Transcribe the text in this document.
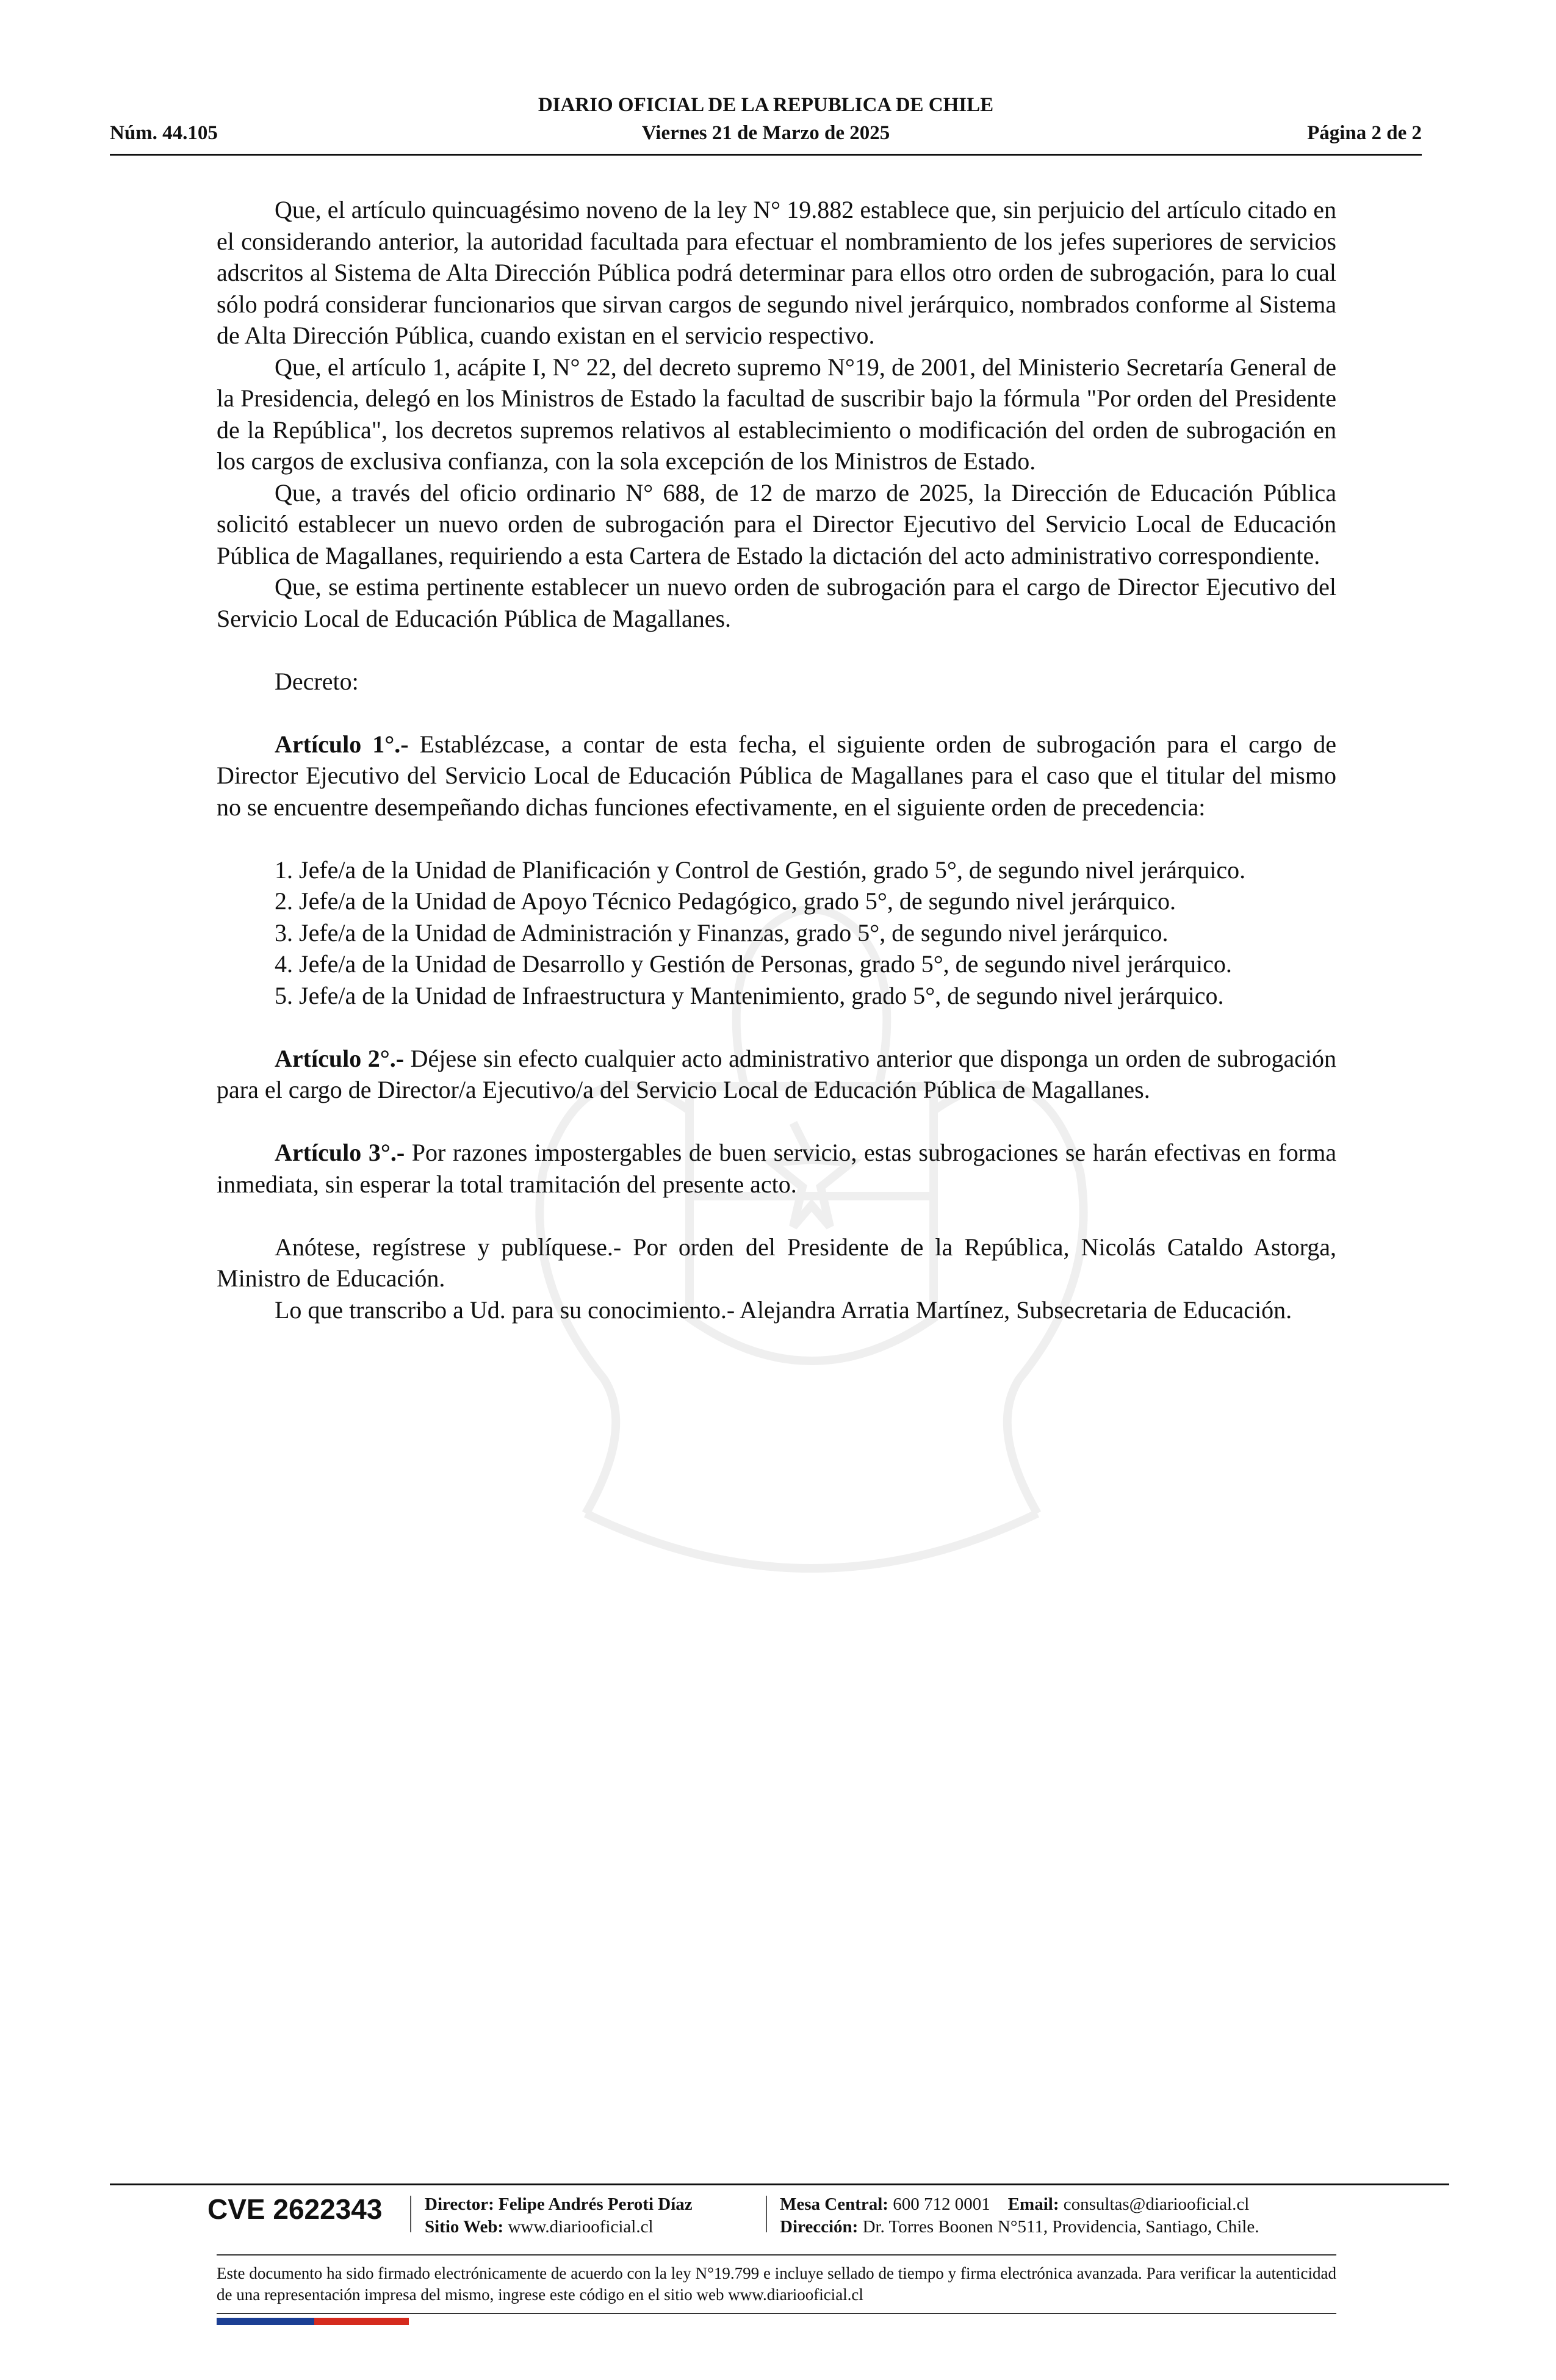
DIARIO OFICIAL DE LA REPUBLICA DE CHILE
Núm. 44.105	Viernes 21 de Marzo de 2025	Página 2 de 2

Que, el artículo quincuagésimo noveno de la ley N° 19.882 establece que, sin perjuicio del artículo citado en el considerando anterior, la autoridad facultada para efectuar el nombramiento de los jefes superiores de servicios adscritos al Sistema de Alta Dirección Pública podrá determinar para ellos otro orden de subrogación, para lo cual sólo podrá considerar funcionarios que sirvan cargos de segundo nivel jerárquico, nombrados conforme al Sistema de Alta Dirección Pública, cuando existan en el servicio respectivo.

Que, el artículo 1, acápite I, N° 22, del decreto supremo N°19, de 2001, del Ministerio Secretaría General de la Presidencia, delegó en los Ministros de Estado la facultad de suscribir bajo la fórmula "Por orden del Presidente de la República", los decretos supremos relativos al establecimiento o modificación del orden de subrogación en los cargos de exclusiva confianza, con la sola excepción de los Ministros de Estado.

Que, a través del oficio ordinario N° 688, de 12 de marzo de 2025, la Dirección de Educación Pública solicitó establecer un nuevo orden de subrogación para el Director Ejecutivo del Servicio Local de Educación Pública de Magallanes, requiriendo a esta Cartera de Estado la dictación del acto administrativo correspondiente.

Que, se estima pertinente establecer un nuevo orden de subrogación para el cargo de Director Ejecutivo del Servicio Local de Educación Pública de Magallanes.

Decreto:

Artículo 1°.- Establézcase, a contar de esta fecha, el siguiente orden de subrogación para el cargo de Director Ejecutivo del Servicio Local de Educación Pública de Magallanes para el caso que el titular del mismo no se encuentre desempeñando dichas funciones efectivamente, en el siguiente orden de precedencia:

1. Jefe/a de la Unidad de Planificación y Control de Gestión, grado 5°, de segundo nivel jerárquico.

2. Jefe/a de la Unidad de Apoyo Técnico Pedagógico, grado 5°, de segundo nivel jerárquico.

3. Jefe/a de la Unidad de Administración y Finanzas, grado 5°, de segundo nivel jerárquico.

4. Jefe/a de la Unidad de Desarrollo y Gestión de Personas, grado 5°, de segundo nivel jerárquico.

5. Jefe/a de la Unidad de Infraestructura y Mantenimiento, grado 5°, de segundo nivel jerárquico.

Artículo 2°.- Déjese sin efecto cualquier acto administrativo anterior que disponga un orden de subrogación para el cargo de Director/a Ejecutivo/a del Servicio Local de Educación Pública de Magallanes.

Artículo 3°.- Por razones impostergables de buen servicio, estas subrogaciones se harán efectivas en forma inmediata, sin esperar la total tramitación del presente acto.

Anótese, regístrese y publíquese.- Por orden del Presidente de la República, Nicolás Cataldo Astorga, Ministro de Educación.

Lo que transcribo a Ud. para su conocimiento.- Alejandra Arratia Martínez, Subsecretaria de Educación.

CVE 2622343 Director: Felipe Andrés Peroti Díaz
Sitio Web: www.diariooficial.cl
Mesa Central: 600 712 0001 Email: consultas@diariooficial.cl
Dirección: Dr. Torres Boonen N°511, Providencia, Santiago, Chile.
Este documento ha sido firmado electrónicamente de acuerdo con la ley N°19.799 e incluye sellado de tiempo y firma electrónica avanzada. Para verificar la autenticidad de una representación impresa del mismo, ingrese este código en el sitio web www.diariooficial.cl
